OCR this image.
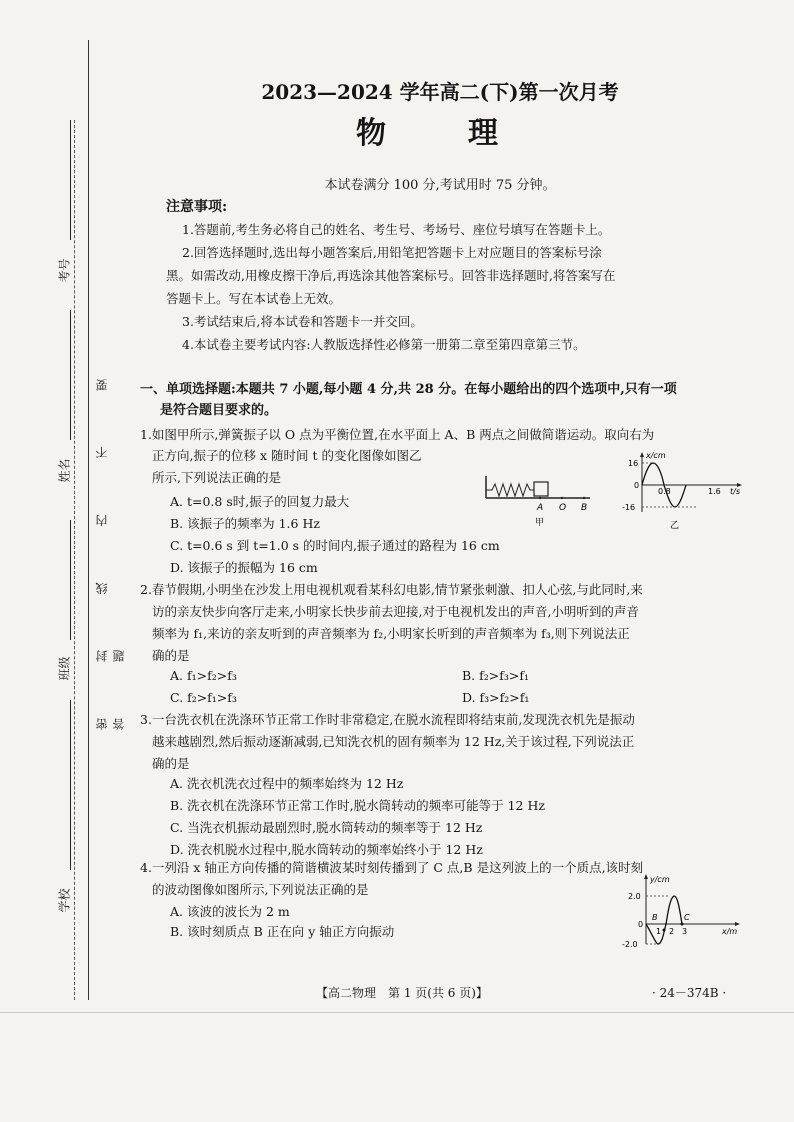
考号
姓名
班级
学校
密 封 线 内 不 要 答 题
2023—2024 学年高二(下)第一次月考
物　理
本试卷满分 100 分,考试用时 75 分钟。
注意事项:
1.答题前,考生务必将自己的姓名、考生号、考场号、座位号填写在答题卡上。
2.回答选择题时,选出每小题答案后,用铅笔把答题卡上对应题目的答案标号涂
黑。如需改动,用橡皮擦干净后,再选涂其他答案标号。回答非选择题时,将答案写在
答题卡上。写在本试卷上无效。
3.考试结束后,将本试卷和答题卡一并交回。
4.本试卷主要考试内容:人教版选择性必修第一册第二章至第四章第三节。
一、单项选择题:本题共 7 小题,每小题 4 分,共 28 分。在每小题给出的四个选项中,只有一项
是符合题目要求的。
1.如图甲所示,弹簧振子以 O 点为平衡位置,在水平面上 A、B 两点之间做简谐运动。取向右为
正方向,振子的位移 x 随时间 t 的变化图像如图乙
所示,下列说法正确的是
A. t=0.8 s时,振子的回复力最大
B. 该振子的频率为 1.6 Hz
C. t=0.6 s 到 t=1.0 s 的时间内,振子通过的路程为 16 cm
D. 该振子的振幅为 16 cm
A O B
甲
x/cm
t/s
16
0
-16
0.8	1.6
乙
2.春节假期,小明坐在沙发上用电视机观看某科幻电影,情节紧张刺激、扣人心弦,与此同时,来
访的亲友快步向客厅走来,小明家长快步前去迎接,对于电视机发出的声音,小明听到的声音
频率为 f₁,来访的亲友听到的声音频率为 f₂,小明家长听到的声音频率为 f₃,则下列说法正
确的是
A. f₁>f₂>f₃	B. f₂>f₃>f₁
C. f₂>f₁>f₃	D. f₃>f₂>f₁
3.一台洗衣机在洗涤环节正常工作时非常稳定,在脱水流程即将结束前,发现洗衣机先是振动
越来越剧烈,然后振动逐渐减弱,已知洗衣机的固有频率为 12 Hz,关于该过程,下列说法正
确的是
A. 洗衣机洗衣过程中的频率始终为 12 Hz
B. 洗衣机在洗涤环节正常工作时,脱水筒转动的频率可能等于 12 Hz
C. 当洗衣机振动最剧烈时,脱水筒转动的频率等于 12 Hz
D. 洗衣机脱水过程中,脱水筒转动的频率始终小于 12 Hz
4.一列沿 x 轴正方向传播的简谐横波某时刻传播到了 C 点,B 是这列波上的一个质点,该时刻
的波动图像如图所示,下列说法正确的是
A. 该波的波长为 2 m
B. 该时刻质点 B 正在向 y 轴正方向振动
y/cm
x/m
2.0
0
-2.0
1 2 3
B	C
【高二物理　第 1 页(共 6 页)】	· 24－374B ·
